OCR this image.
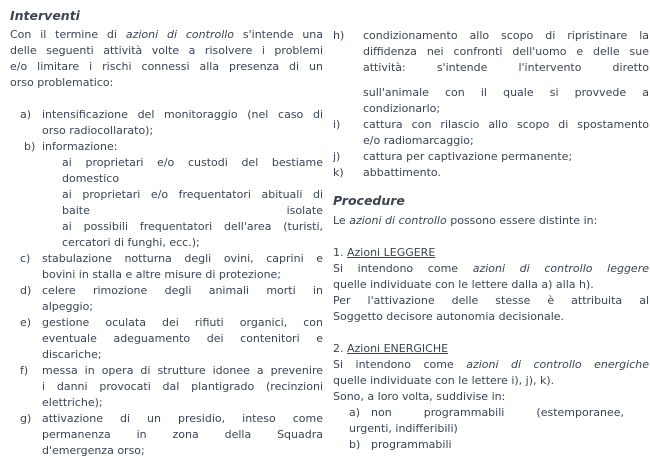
Interventi
Con il termine di azioni di controllo s'intende una
delle seguenti attività volte a risolvere i problemi
e/o limitare i rischi connessi alla presenza di un
orso problematico:
a) intensificazione del monitoraggio (nel caso di
orso radiocollarato);
b) informazione:
ai proprietari e/o custodi del bestiame
domestico
ai proprietari e/o frequentatori abituali di
baite isolate
ai possibili frequentatori dell'area (turisti,
cercatori di funghi, ecc.);
c)	stabulazione notturna degli ovini, caprini e
bovini in stalla e altre misure di protezione;
d) celere rimozione degli animali morti in
alpeggio;
e) gestione oculata dei rifiuti organici, con
eventuale adeguamento dei contenitori e
discariche;
f)	messa in opera di strutture idonee a prevenire
i danni provocati dal plantigrado (recinzioni
elettriche);
g) attivazione di un presidio, inteso come
permanenza in zona della Squadra
d'emergenza orso;
h)	condizionamento allo scopo di ripristinare la
diffidenza nei confronti dell'uomo e delle sue
attività: s'intende l'intervento diretto
sull'animale con il quale si provvede a
condizionarlo;
i)	cattura con rilascio allo scopo di spostamento
e/o radiomarcaggio;
j)	cattura per captivazione permanente;
k)	abbattimento.
Procedure
Le azioni di controllo possono essere distinte in:
1. Azioni LEGGERE
Si intendono come azioni di controllo leggere
quelle individuate con le lettere dalla a) alla h).
Per l'attivazione delle stesse è attribuita al
Soggetto decisore autonomia decisionale.
2. Azioni ENERGICHE
Si intendono come azioni di controllo energiche
quelle individuate con le lettere i), j), k).
Sono, a loro volta, suddivise in:
a) non programmabili (estemporanee,
urgenti, indifferibili)
b) programmabili
